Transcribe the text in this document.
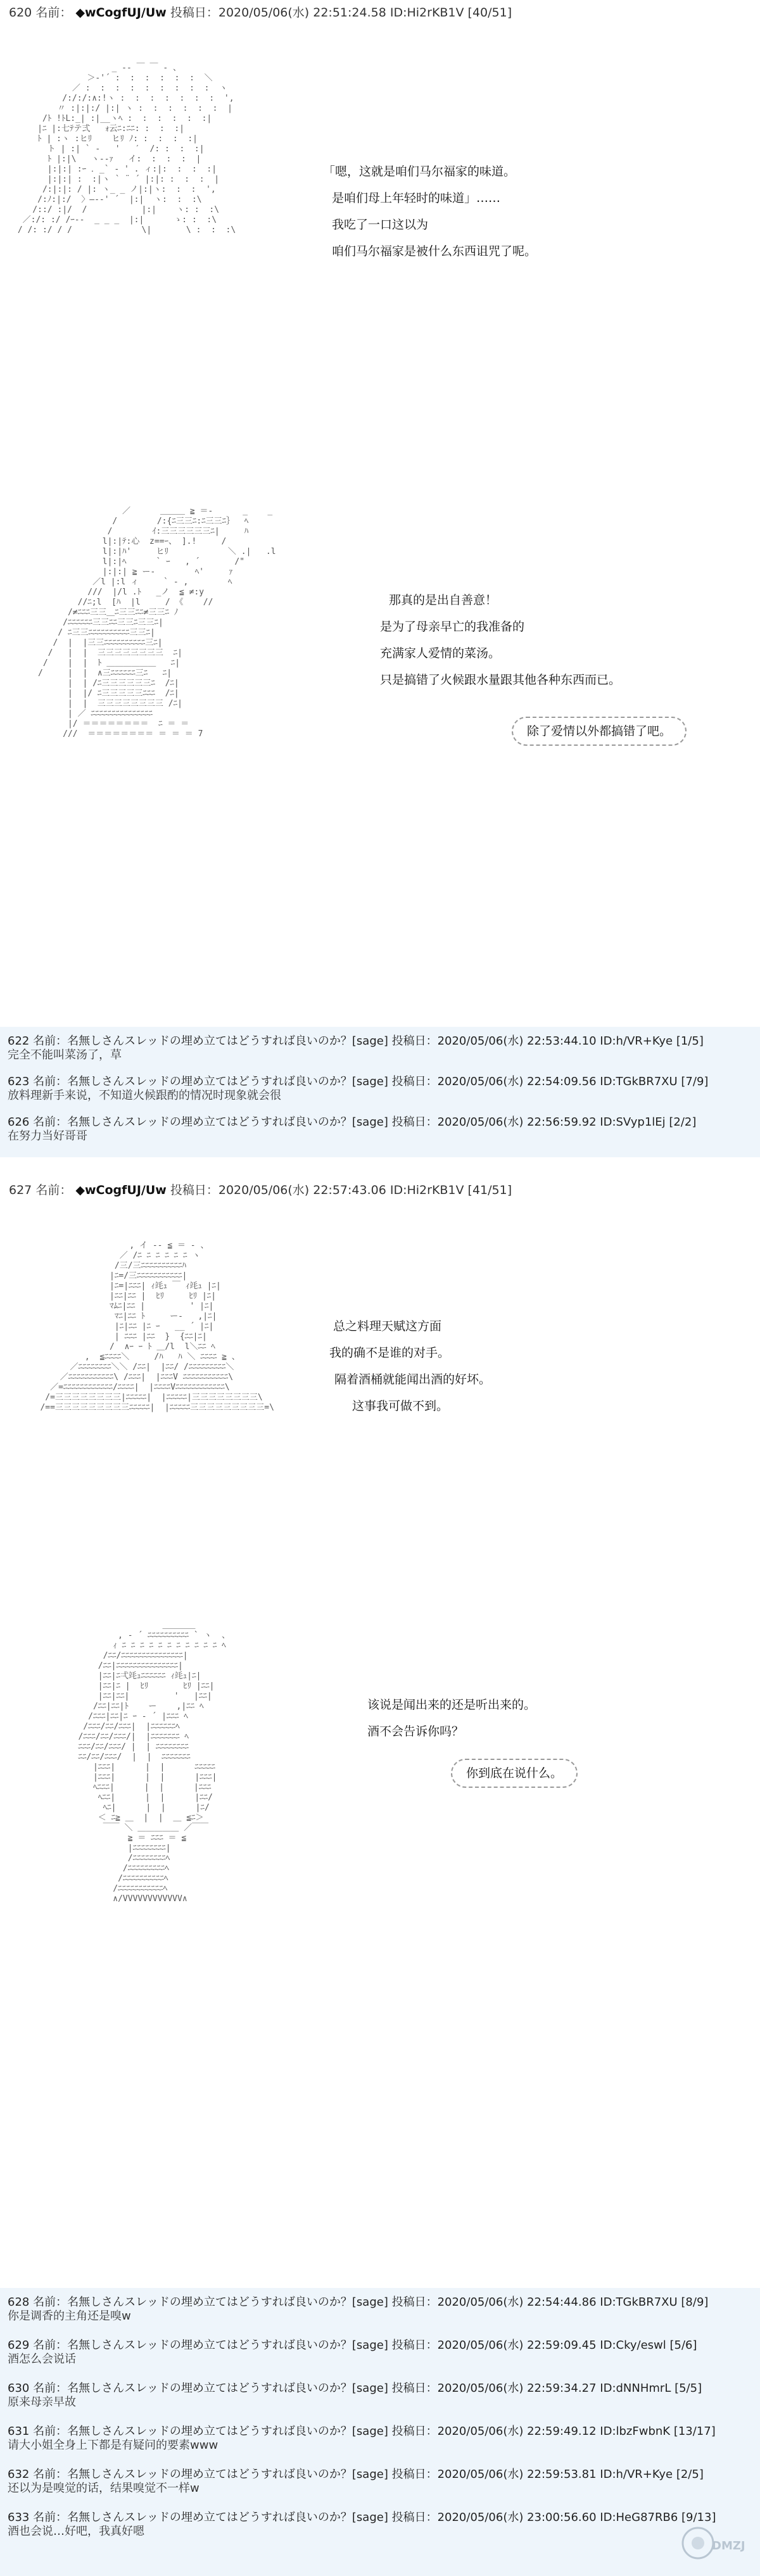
620 名前： ◆wCogfUJ/Uw 投稿日：2020/05/06(水) 22:51:24.58 ID:Hi2rKB1V [40/51]
_ -‐ ￣ ￣ ‐ 、
＞‐'´ :  :  :  :  :  :  ＼
／ :  :  :  :  :  :  :  :  :  ヽ
/:/:/:∧:!ヽ :  :  :  :  :  :  :  ',
〃 :|:|:/ |:| ヽ :  :  :  :  :  :  |
/ﾄ !ﾄL:_| :|__ヽﾍ :  :  :  :  :  :|
|ﾆ |:七ﾃテ弍   ｫ云ﾆ:ﾆﾆ: :  :  :|
ﾄ | :ヽ :ヒﾘ    ヒﾘ ﾉ: :  :  :  :|
ト | :| ` ‐   '   ′  /: :  :  :|
ﾄ |:|\   ヽ-‐ｧ   イ:  :  :  :  |
|:|:| :ｰ ．_` ‐ ' . ィ:|:  :  :  :|
|:|:| :  :|ヽ ` ¨ ´ |:|: :  :  :  |
/:|:|: / |: ヽ_ _ ノ|:|ヽ:  :  :  ',
/:ﾉ:|:/  〉―‐‐' ´  |:|  ヽ:  :  :\
/::/ :|/  /           |:|    ヽ: :  :\
／:/: :/ /ｰ‐-  _ _ _  |:|      ゝ: :  :\
/ /: :/ / /              \|       \ :  :  :\
「嗯，这就是咱们马尔福家的味道。
是咱们母上年轻时的味道」……
我吃了一口这以为
咱们马尔福家是被什么东西诅咒了呢。
／      ＿＿＿ ≧ ＝-      _    _
/        /:{ﾆ三三ﾆ:ﾆ三三ﾆ｝  ﾍ
/        ｲ:三三三三三三ﾆ|     ﾊ
l|:|ﾃ:心  z==ｰ、 ].!     /
l|:|ﾊ'     ヒﾘ            ＼ .|   .l
l|:|ﾍ      ` ｰ   , ´       /"
|:|:| ≧ ー‐        ﾍ'     ｧ
／l |:l ィ     ` ‐ ,        ﾍ
///  |/l .ﾄ   _ノ  ≦ ≠:y
//ﾆ;l  [ﾊ  |l     / 《    //
/≠ﾆﾆﾆ三三＿ﾆ三三ﾆﾆ≠三三ﾆ ﾉ
/ﾆﾆﾆﾆﾆﾆ三三ﾆﾆ三三ﾆ三三ﾆ|
/ ﾆ三三ﾆﾆﾆﾆﾆﾆﾆﾆﾆﾆ三三ﾆ|
/  |  |三三ﾆﾆﾆﾆﾆﾆﾆﾆﾆﾆ三ﾆ|
/   |  |  三三三三三三三三  ﾆ|
/    |  |  ﾄ ＿＿＿＿＿＿   ﾆ|
/     |  |  ∧三ﾆﾆﾆﾆﾆﾆ三ﾆ   ﾆ|
|  | /ﾆ三三三三三三ﾆ  /ﾆ|
|  |/ ﾆ三三三三三ﾆﾆﾆ  /ﾆ|
|  |  三三三三三三三三 /ﾆ|
| ／ ﾆﾆﾆﾆﾆﾆﾆﾆﾆﾆﾆﾆﾆﾆﾆ
|/ ＝＝＝＝＝＝＝＝  ﾆ ＝ ＝
///  ＝＝＝＝＝＝＝＝ ＝ ＝ ＝ 7
那真的是出自善意！
是为了母亲早亡的我准备的
充满家人爱情的菜汤。
只是搞错了火候跟水量跟其他各种东西而已。
除了爱情以外都搞错了吧。
622 名前：名無しさんスレッドの埋め立てはどうすれば良いのか？[sage] 投稿日：2020/05/06(水) 22:53:44.10 ID:h/VR+Kye [1/5]
完全不能叫菜汤了，草
623 名前：名無しさんスレッドの埋め立てはどうすれば良いのか？[sage] 投稿日：2020/05/06(水) 22:54:09.56 ID:TGkBR7XU [7/9]
放料理新手来说，不知道火候跟酌的情况时现象就会很
626 名前：名無しさんスレッドの埋め立てはどうすれば良いのか？[sage] 投稿日：2020/05/06(水) 22:56:59.92 ID:SVyp1lEj [2/2]
在努力当好哥哥
627 名前： ◆wCogfUJ/Uw 投稿日：2020/05/06(水) 22:57:43.06 ID:Hi2rKB1V [41/51]
, イ -‐ ≦ ＝ - 、
／ /ﾆ ﾆ ﾆ ﾆ ﾆ ﾆ ヽ
/三/三ﾆﾆﾆﾆﾆﾆﾆﾆﾆﾆﾊ
|ﾆ=/三ﾆﾆﾆﾆﾆﾆﾆﾆﾆﾆﾆ|
|ﾆ=|ﾆﾆﾆ| ｨ竓ｭ ￣ ｨ竓ｭ |ﾆ|
|ﾆﾆ|ﾆﾆ |  ﾋﾘ     ﾋﾘ |ﾆ|
ﾏﾑﾆ|ﾆﾆ |         ' |ﾆ|
ﾏﾆ|ﾆﾆ ﾄ     ー‐   ,|ﾆ|
|ﾆ|ﾆﾆ |ﾆ ｰ   __ ´ |ﾆ|
| ﾆﾆﾆ |ﾆﾆ  }  {ﾆﾆ|ﾆ|
/  ∧ｰ ｰ ﾄ ＿/l  l＼ﾆﾆ ﾍ
,  ≦ﾆﾆﾆﾆ＼     /ﾊ   ﾊ ＼ ﾆﾆﾆﾆ ≧ 、
／ﾆﾆﾆﾆﾆﾆﾆﾆ＼＼ /ﾆﾆ|  |ﾆﾆ/ /ﾆﾆﾆﾆﾆﾆﾆﾆﾆ＼
／ﾆﾆﾆﾆﾆﾆﾆﾆﾆﾆﾆ\ /ﾆﾆﾆ|  |ﾆﾆﾆV ﾆﾆﾆﾆﾆﾆﾆﾆﾆﾆﾆ\
／=ﾆﾆﾆﾆﾆﾆﾆﾆﾆﾆﾆﾆ/ﾆﾆﾆﾆ|  |ﾆﾆﾆﾆVﾆﾆﾆﾆﾆﾆﾆﾆﾆﾆﾆﾆ\
/=三三三三三三三三|ﾆﾆﾆﾆﾆ|  |ﾆﾆﾆﾆﾆ|三三三三三三三三\
/==三三三三三三三三三ﾆﾆﾆﾆﾆ|  |ﾆﾆﾆﾆﾆ三三三三三三三三三=\
总之料理天赋这方面
我的确不是谁的对手。
隔着酒桶就能闻出酒的好坏。
这事我可做不到。
＿＿＿＿
, ‐ ´ ﾆﾆﾆﾆﾆﾆﾆﾆﾆﾆ ` ヽ  、
ｨ ﾆ ﾆ ﾆ ﾆ ﾆ ﾆ ﾆ ﾆ ﾆ ﾆ ﾆ ﾍ
/ﾆﾆ/ﾆﾆﾆﾆﾆﾆﾆﾆﾆﾆﾆﾆﾆﾆﾆ|
/ﾆﾆ|ﾆﾆﾆﾆﾆﾆﾆﾆﾆﾆﾆﾆﾆﾆﾆ|
|ﾆﾆ|ﾆ弌竓ｭﾆﾆﾆﾆﾆﾆ ｨ竓ｭ|ﾆ|
|ﾆﾆ|ﾆ |  ﾋﾘ       ﾋﾘ |ﾆﾆ|
|ﾆﾆ|ﾆﾆ|         '   |ﾆﾆ|
/ﾆﾆ|ﾆﾆ|ﾄ    ー    ,|ﾆﾆ ﾍ
/ﾆﾆﾆ|ﾆﾆ|ﾆ ｰ ‐ ´ |ﾆﾆﾆ ﾍ
/ﾆﾆﾆ/ﾆﾆ/ﾆﾆﾆ|  |ﾆﾆﾆﾆﾆﾆﾍ
/ﾆﾆﾆ/ﾆﾆ/ﾆﾆﾆ/|  |ﾆﾆﾆﾆﾆﾆﾆ ﾍ
ﾆﾆﾆ/ﾆﾆ/ﾆﾆﾆ/ |  | ﾆﾆﾆﾆﾆﾆﾆﾆ
ﾆﾆ/ﾆﾆ/ﾆﾆﾆ/  |  |  ﾆﾆﾆﾆﾆﾆﾆ
|ﾆﾆﾆ|      |  |      ﾆﾆﾆﾆﾆ
|ﾆﾆﾆ|      |  |      |ﾆﾆﾆ|
ﾍﾆﾆﾆ|      |  |      |ﾆﾆﾆ
ﾍﾆﾆ|      |  |      |ﾆﾆ/
ﾍﾆ|      |  |      |ﾆ/
＜ ﾆ≧ ＿  |  |  ＿ ≦ﾆ＞
￣￣ ＼ ＿＿＿＿＿ ／￣￣
≧ ＝ ﾆﾆﾆ ＝ ≦
|ﾆﾆﾆﾆﾆﾆﾆﾆ|
/ﾆﾆﾆﾆﾆﾆﾆﾆﾍ
/ﾆﾆﾆﾆﾆﾆﾆﾆﾆﾍ
/ﾆﾆﾆﾆﾆﾆﾆﾆﾆﾆﾍ
/ﾆﾆﾆﾆﾆﾆﾆﾆﾆﾆﾆﾍ
∧/VVVVVVVVVVVV∧
该说是闻出来的还是听出来的。
酒不会告诉你吗？
你到底在说什么。
628 名前：名無しさんスレッドの埋め立てはどうすれば良いのか？[sage] 投稿日：2020/05/06(水) 22:54:44.86 ID:TGkBR7XU [8/9]
你是调香的主角还是嗅w
629 名前：名無しさんスレッドの埋め立てはどうすれば良いのか？[sage] 投稿日：2020/05/06(水) 22:59:09.45 ID:Cky/eswl [5/6]
酒怎么会说话
630 名前：名無しさんスレッドの埋め立てはどうすれば良いのか？[sage] 投稿日：2020/05/06(水) 22:59:34.27 ID:dNNHmrL [5/5]
原来母亲早故
631 名前：名無しさんスレッドの埋め立てはどうすれば良いのか？[sage] 投稿日：2020/05/06(水) 22:59:49.12 ID:lbzFwbnK [13/17]
请大小姐全身上下都是有疑问的要素www
632 名前：名無しさんスレッドの埋め立てはどうすれば良いのか？[sage] 投稿日：2020/05/06(水) 22:59:53.81 ID:h/VR+Kye [2/5]
还以为是嗅觉的话，结果嗅觉不一样w
633 名前：名無しさんスレッドの埋め立てはどうすれば良いのか？[sage] 投稿日：2020/05/06(水) 23:00:56.60 ID:HeG87RB6 [9/13]
酒也会说…好吧，我真好嗯
DMZJ
